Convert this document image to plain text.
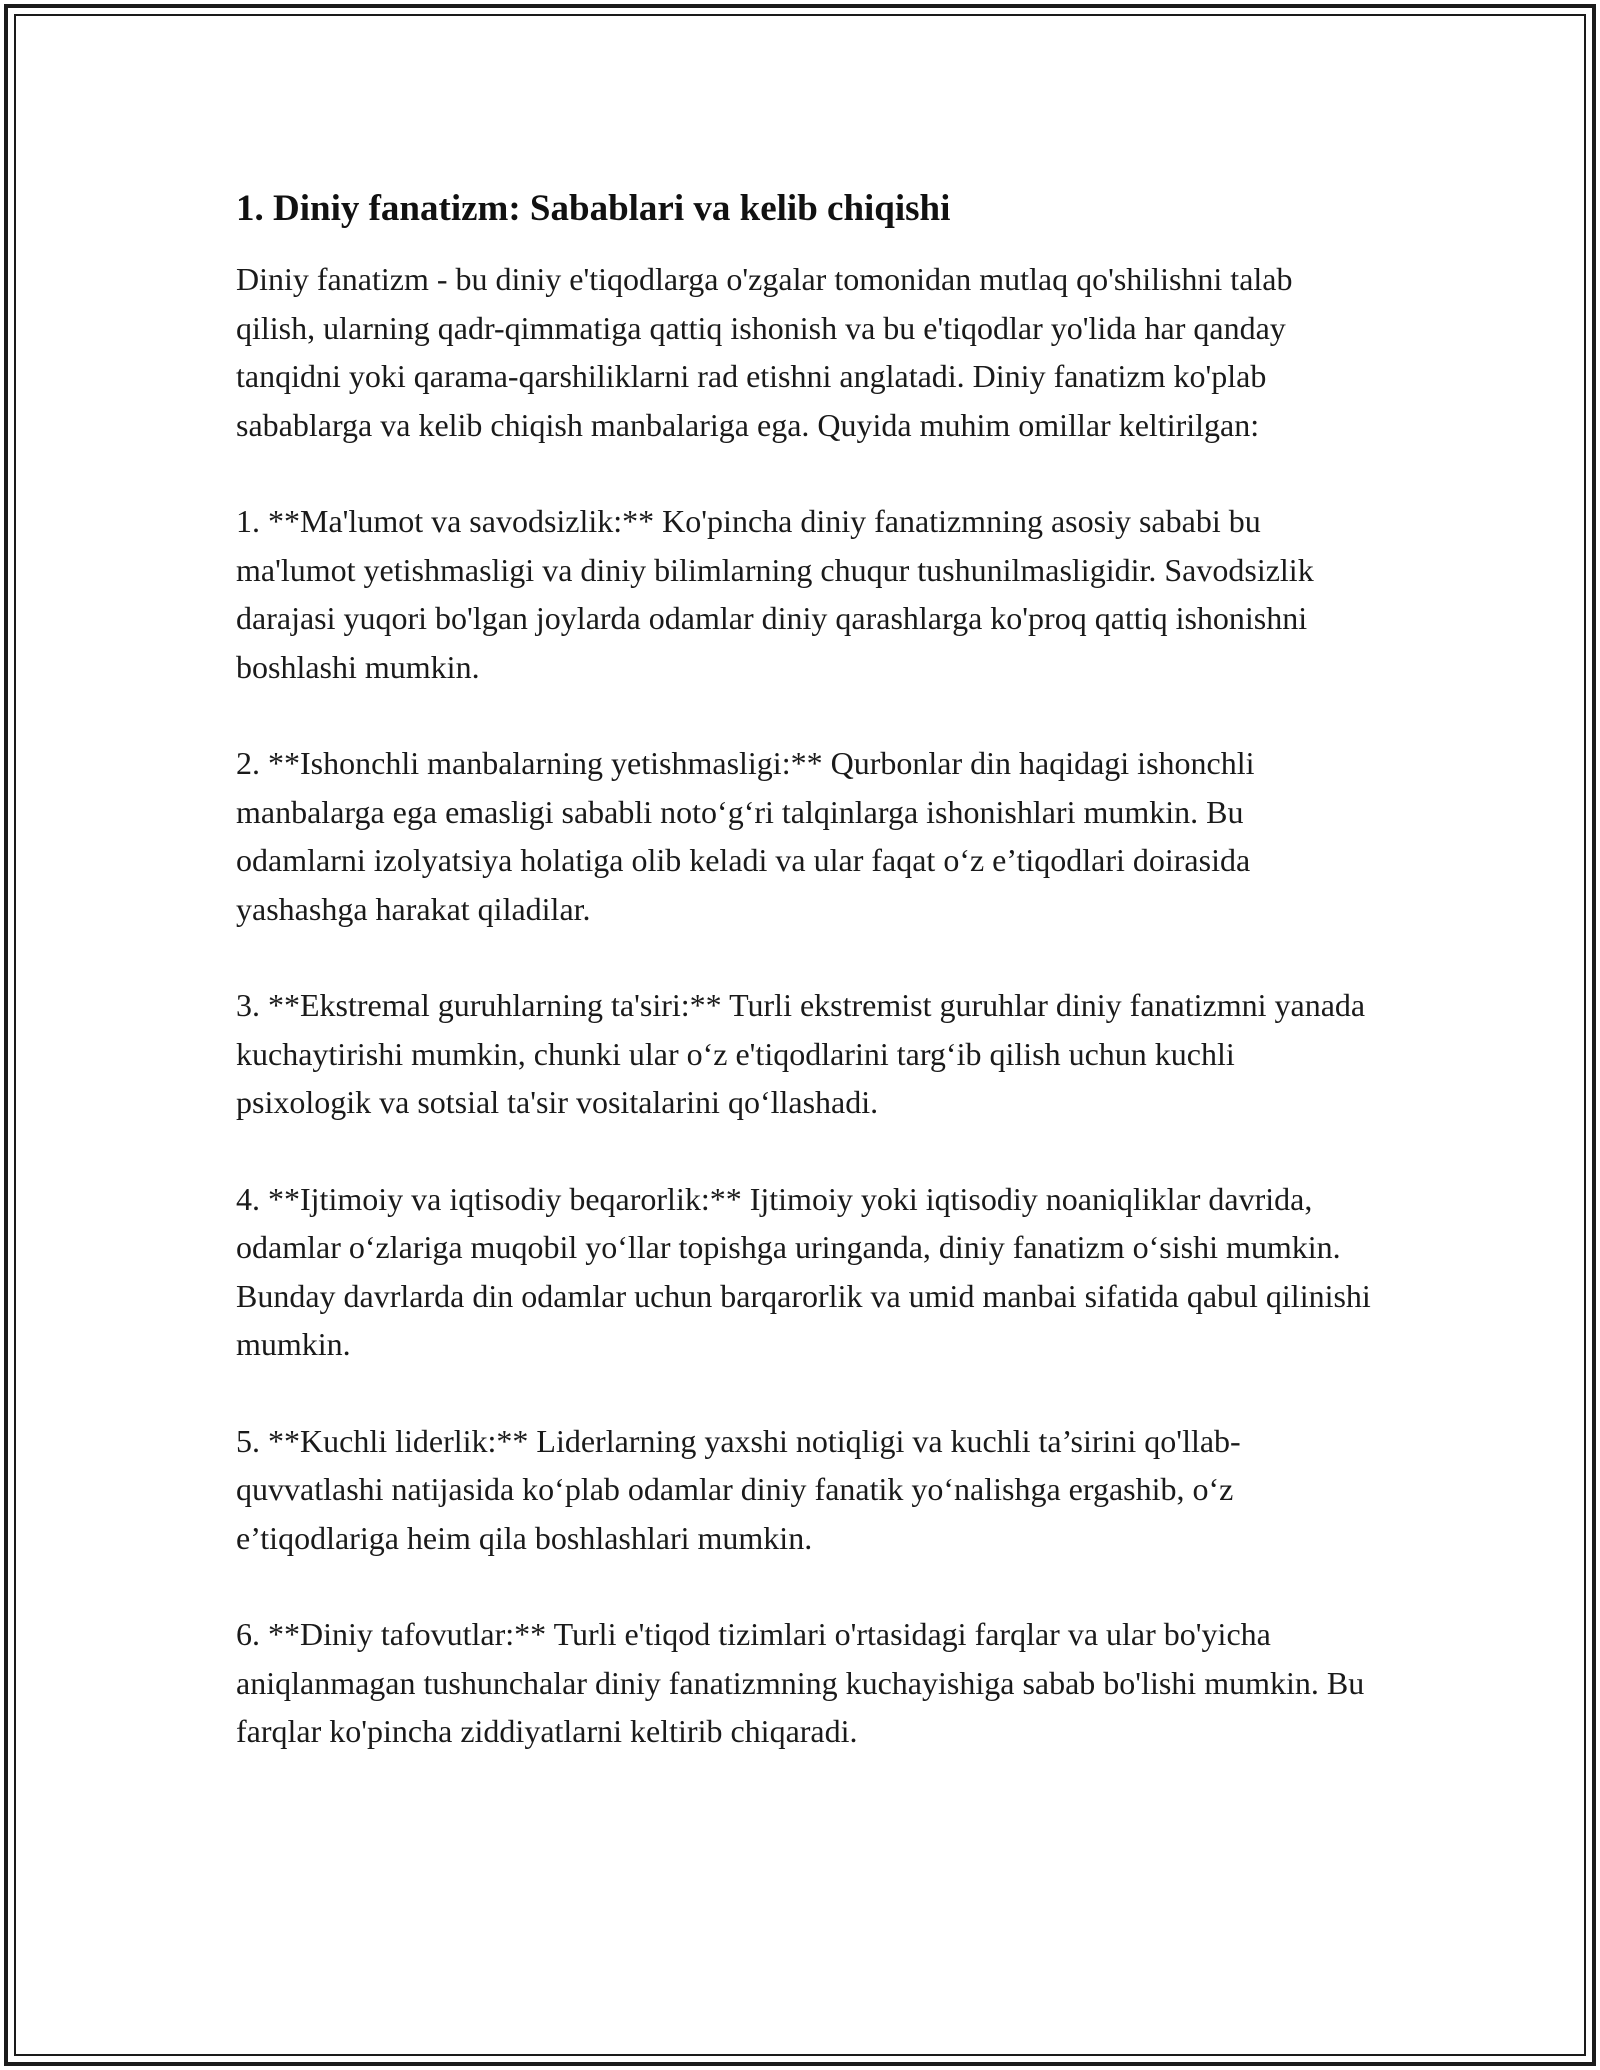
1. Diniy fanatizm: Sabablari va kelib chiqishi

Diniy fanatizm - bu diniy e'tiqodlarga o'zgalar tomonidan mutlaq qo'shilishni talab qilish, ularning qadr-qimmatiga qattiq ishonish va bu e'tiqodlar yo'lida har qanday tanqidni yoki qarama-qarshiliklarni rad etishni anglatadi. Diniy fanatizm ko'plab sabablarga va kelib chiqish manbalariga ega. Quyida muhim omillar keltirilgan:

1. **Ma'lumot va savodsizlik:** Ko'pincha diniy fanatizmning asosiy sababi bu ma'lumot yetishmasligi va diniy bilimlarning chuqur tushunilmasligidir. Savodsizlik darajasi yuqori bo'lgan joylarda odamlar diniy qarashlarga ko'proq qattiq ishonishni boshlashi mumkin.

2. **Ishonchli manbalarning yetishmasligi:** Qurbonlar din haqidagi ishonchli manbalarga ega emasligi sababli noto‘g‘ri talqinlarga ishonishlari mumkin. Bu odamlarni izolyatsiya holatiga olib keladi va ular faqat o‘z e’tiqodlari doirasida yashashga harakat qiladilar.

3. **Ekstremal guruhlarning ta'siri:** Turli ekstremist guruhlar diniy fanatizmni yanada kuchaytirishi mumkin, chunki ular o‘z e'tiqodlarini targ‘ib qilish uchun kuchli psixologik va sotsial ta'sir vositalarini qo‘llashadi.

4. **Ijtimoiy va iqtisodiy beqarorlik:** Ijtimoiy yoki iqtisodiy noaniqliklar davrida, odamlar o‘zlariga muqobil yo‘llar topishga uringanda, diniy fanatizm o‘sishi mumkin. Bunday davrlarda din odamlar uchun barqarorlik va umid manbai sifatida qabul qilinishi mumkin.

5. **Kuchli liderlik:** Liderlarning yaxshi notiqligi va kuchli ta’sirini qo'llab-quvvatlashi natijasida ko‘plab odamlar diniy fanatik yo‘nalishga ergashib, o‘z e’tiqodlariga heim qila boshlashlari mumkin.

6. **Diniy tafovutlar:** Turli e'tiqod tizimlari o'rtasidagi farqlar va ular bo'yicha aniqlanmagan tushunchalar diniy fanatizmning kuchayishiga sabab bo'lishi mumkin. Bu farqlar ko'pincha ziddiyatlarni keltirib chiqaradi.
